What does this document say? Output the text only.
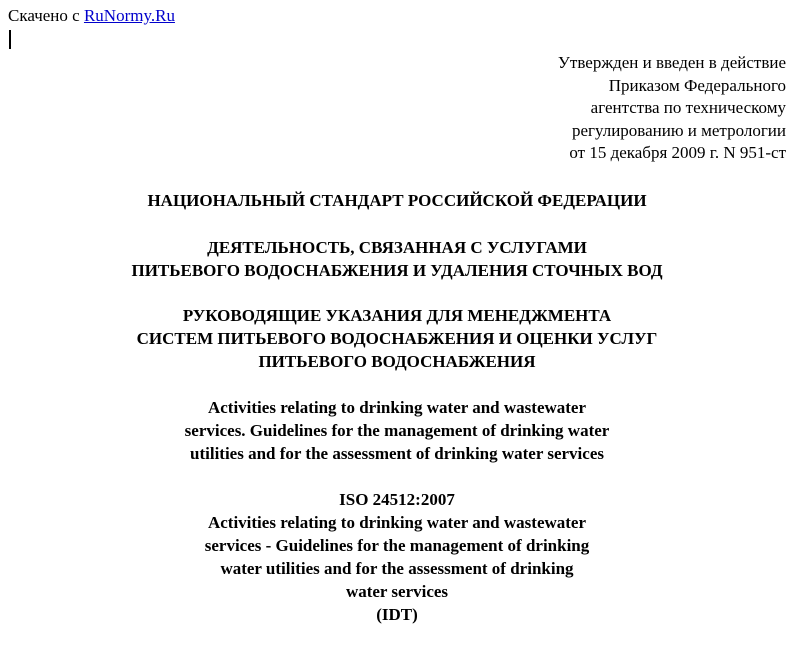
Скачено с RuNormy.Ru
Утвержден и введен в действие
Приказом Федерального
агентства по техническому
регулированию и метрологии
от 15 декабря 2009 г. N 951-ст
НАЦИОНАЛЬНЫЙ СТАНДАРТ РОССИЙСКОЙ ФЕДЕРАЦИИ
ДЕЯТЕЛЬНОСТЬ, СВЯЗАННАЯ С УСЛУГАМИ
ПИТЬЕВОГО ВОДОСНАБЖЕНИЯ И УДАЛЕНИЯ СТОЧНЫХ ВОД
РУКОВОДЯЩИЕ УКАЗАНИЯ ДЛЯ МЕНЕДЖМЕНТА
СИСТЕМ ПИТЬЕВОГО ВОДОСНАБЖЕНИЯ И ОЦЕНКИ УСЛУГ
ПИТЬЕВОГО ВОДОСНАБЖЕНИЯ
Activities relating to drinking water and wastewater
services. Guidelines for the management of drinking water
utilities and for the assessment of drinking water services
ISO 24512:2007
Activities relating to drinking water and wastewater
services - Guidelines for the management of drinking
water utilities and for the assessment of drinking
water services
(IDT)
